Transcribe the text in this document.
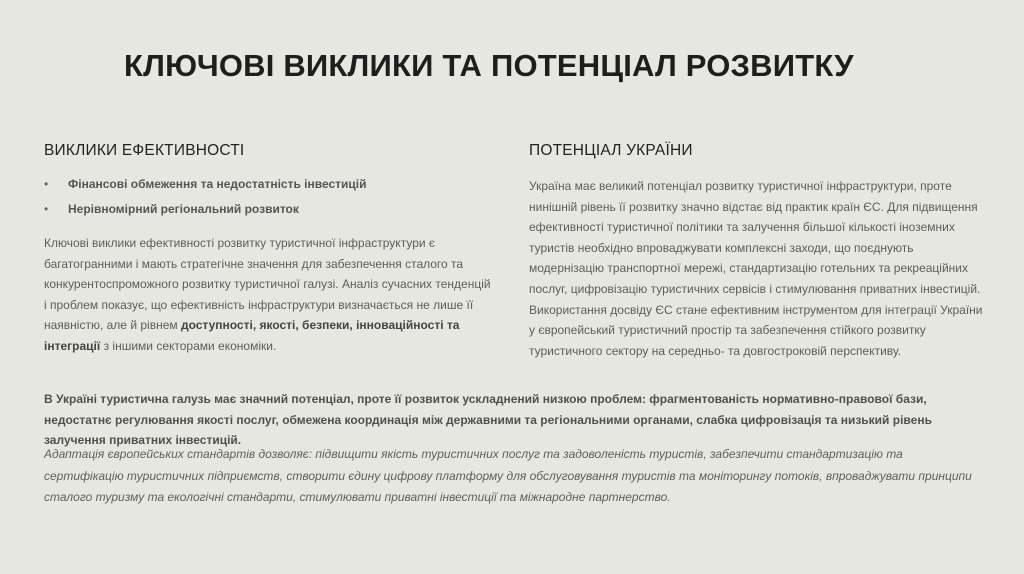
КЛЮЧОВІ ВИКЛИКИ ТА ПОТЕНЦІАЛ РОЗВИТКУ
ВИКЛИКИ ЕФЕКТИВНОСТІ
• Фінансові обмеження та недостатність інвестицій
• Нерівномірний регіональний розвиток

Ключові виклики ефективності розвитку туристичної інфраструктури є багатогранними і мають стратегічне значення для забезпечення сталого та конкурентоспроможного розвитку туристичної галузі. Аналіз сучасних тенденцій і проблем показує, що ефективність інфраструктури визначається не лише її наявністю, але й рівнем доступності, якості, безпеки, інноваційності та інтеграції з іншими секторами економіки.

ПОТЕНЦІАЛ УКРАЇНИ

Україна має великий потенціал розвитку туристичної інфраструктури, проте нинішній рівень її розвитку значно відстає від практик країн ЄС. Для підвищення ефективності туристичної політики та залучення більшої кількості іноземних туристів необхідно впроваджувати комплексні заходи, що поєднують модернізацію транспортної мережі, стандартизацію готельних та рекреаційних послуг, цифровізацію туристичних сервісів і стимулювання приватних інвестицій. Використання досвіду ЄС стане ефективним інструментом для інтеграції України у європейський туристичний простір та забезпечення стійкого розвитку туристичного сектору на середньо- та довгостроковій перспективу.

В Україні туристична галузь має значний потенціал, проте її розвиток ускладнений низкою проблем: фрагментованість нормативно-правової бази, недостатнє регулювання якості послуг, обмежена координація між державними та регіональними органами, слабка цифровізація та низький рівень залучення приватних інвестицій.

Адаптація європейських стандартів дозволяє: підвищити якість туристичних послуг та задоволеність туристів, забезпечити стандартизацію та сертифікацію туристичних підприємств, створити єдину цифрову платформу для обслуговування туристів та моніторингу потоків, впроваджувати принципи сталого туризму та екологічні стандарти, стимулювати приватні інвестиції та міжнародне партнерство.
